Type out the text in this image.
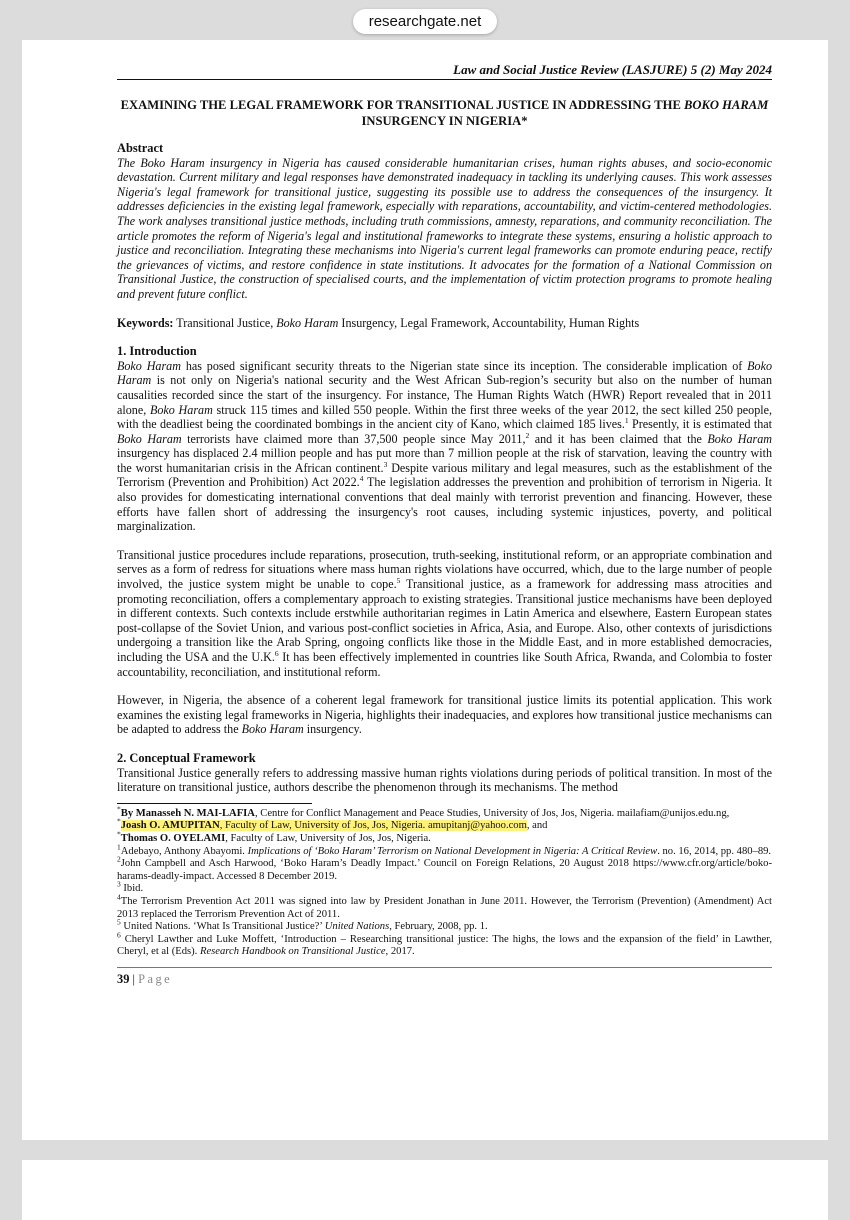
researchgate.net
Law and Social Justice Review (LASJURE) 5 (2) May 2024
EXAMINING THE LEGAL FRAMEWORK FOR TRANSITIONAL JUSTICE IN ADDRESSING THE BOKO HARAM INSURGENCY IN NIGERIA*
Abstract

The Boko Haram insurgency in Nigeria has caused considerable humanitarian crises, human rights abuses, and socio-economic devastation. Current military and legal responses have demonstrated inadequacy in tackling its underlying causes. This work assesses Nigeria's legal framework for transitional justice, suggesting its possible use to address the consequences of the insurgency. It addresses deficiencies in the existing legal framework, especially with reparations, accountability, and victim-centered methodologies. The work analyses transitional justice methods, including truth commissions, amnesty, reparations, and community reconciliation. The article promotes the reform of Nigeria's legal and institutional frameworks to integrate these systems, ensuring a holistic approach to justice and reconciliation. Integrating these mechanisms into Nigeria's current legal frameworks can promote enduring peace, rectify the grievances of victims, and restore confidence in state institutions. It advocates for the formation of a National Commission on Transitional Justice, the construction of specialised courts, and the implementation of victim protection programs to promote healing and prevent future conflict.

Keywords: Transitional Justice, Boko Haram Insurgency, Legal Framework, Accountability, Human Rights

1. Introduction

Boko Haram has posed significant security threats to the Nigerian state since its inception. The considerable implication of Boko Haram is not only on Nigeria's national security and the West African Sub-region’s security but also on the number of human causalities recorded since the start of the insurgency. For instance, The Human Rights Watch (HWR) Report revealed that in 2011 alone, Boko Haram struck 115 times and killed 550 people. Within the first three weeks of the year 2012, the sect killed 250 people, with the deadliest being the coordinated bombings in the ancient city of Kano, which claimed 185 lives.$^1$ Presently, it is estimated that Boko Haram terrorists have claimed more than 37,500 people since May 2011,$^2$ and it has been claimed that the Boko Haram insurgency has displaced 2.4 million people and has put more than 7 million people at the risk of starvation, leaving the country with the worst humanitarian crisis in the African continent.$^3$ Despite various military and legal measures, such as the establishment of the Terrorism (Prevention and Prohibition) Act 2022.$^4$ The legislation addresses the prevention and prohibition of terrorism in Nigeria. It also provides for domesticating international conventions that deal mainly with terrorist prevention and financing. However, these efforts have fallen short of addressing the insurgency's root causes, including systemic injustices, poverty, and political marginalization.

Transitional justice procedures include reparations, prosecution, truth-seeking, institutional reform, or an appropriate combination and serves as a form of redress for situations where mass human rights violations have occurred, which, due to the large number of people involved, the justice system might be unable to cope.$^5$ Transitional justice, as a framework for addressing mass atrocities and promoting reconciliation, offers a complementary approach to existing strategies. Transitional justice mechanisms have been deployed in different contexts. Such contexts include erstwhile authoritarian regimes in Latin America and elsewhere, Eastern European states post-collapse of the Soviet Union, and various post-conflict societies in Africa, Asia, and Europe. Also, other contexts of jurisdictions undergoing a transition like the Arab Spring, ongoing conflicts like those in the Middle East, and in more established democracies, including the USA and the U.K.$^6$ It has been effectively implemented in countries like South Africa, Rwanda, and Colombia to foster accountability, reconciliation, and institutional reform.

However, in Nigeria, the absence of a coherent legal framework for transitional justice limits its potential application. This work examines the existing legal frameworks in Nigeria, highlights their inadequacies, and explores how transitional justice mechanisms can be adapted to address the Boko Haram insurgency.

2. Conceptual Framework

Transitional Justice generally refers to addressing massive human rights violations during periods of political transition. In most of the literature on transitional justice, authors describe the phenomenon through its mechanisms. The method

*By Manasseh N. MAI-LAFIA, Centre for Conflict Management and Peace Studies, University of Jos, Jos, Nigeria. mailafiam@unijos.edu.ng,

*Joash O. AMUPITAN, Faculty of Law, University of Jos, Jos, Nigeria. amupitanj@yahoo.com, and

*Thomas O. OYELAMI, Faculty of Law, University of Jos, Jos, Nigeria.

$^1$Adebayo, Anthony Abayomi. Implications of ‘Boko Haram’ Terrorism on National Development in Nigeria: A Critical Review. no. 16, 2014, pp. 480–89.

$^2$John Campbell and Asch Harwood, ‘Boko Haram’s Deadly Impact.’ Council on Foreign Relations, 20 August 2018 https://www.cfr.org/article/boko-harams-deadly-impact. Accessed 8 December 2019.

$^3$ Ibid.

$^4$The Terrorism Prevention Act 2011 was signed into law by President Jonathan in June 2011. However, the Terrorism (Prevention) (Amendment) Act 2013 replaced the Terrorism Prevention Act of 2011.

$^5$ United Nations. ‘What Is Transitional Justice?’ United Nations, February, 2008, pp. 1.

$^6$ Cheryl Lawther and Luke Moffett, ‘Introduction – Researching transitional justice: The highs, the lows and the expansion of the field’ in Lawther, Cheryl, et al (Eds). Research Handbook on Transitional Justice, 2017.

39 | Page
